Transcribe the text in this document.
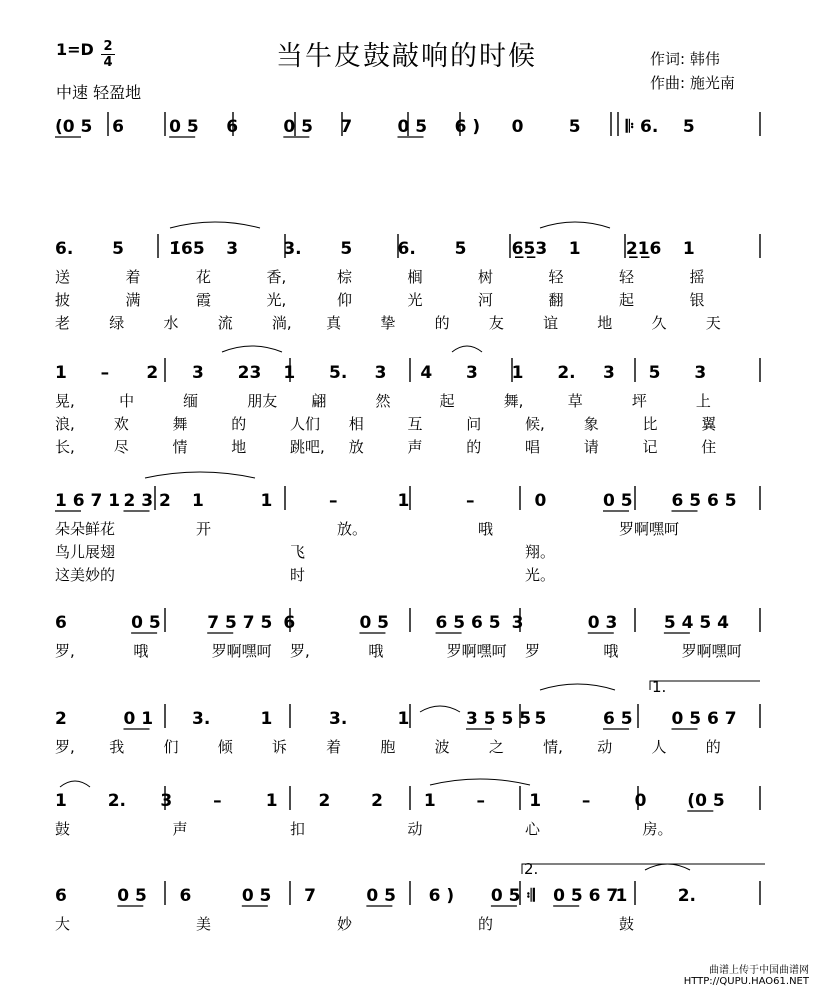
当牛皮鼓敲响的时候
1=D 2
4
中速 轻盈地
作词: 韩伟
作曲: 施光南
(0 5 6	0 5 6	0 5 7	0 5 6 ) 0	5	𝄆 6. 5
6. 5	1̇65 3	3. 5	6. 5	6̲5̲3 1	2̲1̲6 1
送	着	花	香,	棕	榈	树	轻	轻	摇
披	满	霞	光,	仰	光	河	翻	起	银
老	绿	水	流	淌, 真	挚	的	友	谊	地	久	天
1 – 2 3 23 1 5. 3 4 3 1 2. 3 5 3
晃,	中	缅	朋友 翩	然	起	舞,	草	坪	上
浪,	欢	舞	的	人们 相	互	问	候,	象	比	翼
长,	尽	情	地	跳吧, 放	声	的	唱	请	记	住
1 6 7 1 2 3 2 1	1	–	1	–	0	0 5 6 5 6 5
朵朵鲜花	开	放。	哦	罗啊嘿呵
鸟儿展翅	飞	翔。
这美妙的	时	光。
6	0 5	7 5 7 5 6	0 5	6 5 6 5 3	0 3	5 4 5 4
罗,	哦	罗啊嘿呵 罗,	哦	罗啊嘿呵 罗	哦	罗啊嘿呵
2	0 1 3.	1	3.	1	3 5 5 5 5	6 5 0 5 6 7
罗, 我	们	倾	诉	着	胞	波	之	情, 动	人	的
1 2. 3 –	1 2 2 1 –	1 –	0 (0 5
鼓	声	扣	动	心	房。
6	0 5 6	0 5 7	0 5 6 ) 0 5 𝄇 0 5 6 7
1	2.
大	美	妙	的	鼓
1.
2.
曲谱上传于中国曲谱网
HTTP://QUPU.HAO61.NET
